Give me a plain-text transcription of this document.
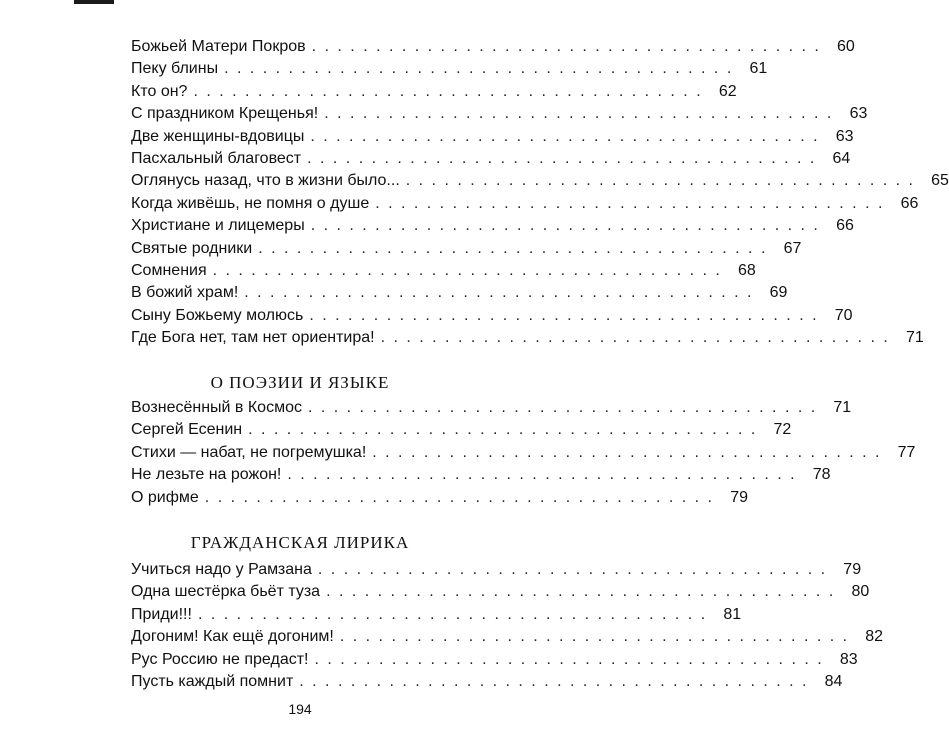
Божьей Матери Покров . . . . . . . . . . . . . . . . . . . . . . . . . . . . . . . . . . . . . . . .	60
Пеку блины . . . . . . . . . . . . . . . . . . . . . . . . . . . . . . . . . . . . . . . .	61
Кто он? . . . . . . . . . . . . . . . . . . . . . . . . . . . . . . . . . . . . . . . .	62
С праздником Крещенья! . . . . . . . . . . . . . . . . . . . . . . . . . . . . . . . . . . . . . . . .	63
Две женщины-вдовицы . . . . . . . . . . . . . . . . . . . . . . . . . . . . . . . . . . . . . . . .	63
Пасхальный благовест . . . . . . . . . . . . . . . . . . . . . . . . . . . . . . . . . . . . . . . .	64
Оглянусь назад, что в жизни было... . . . . . . . . . . . . . . . . . . . . . . . . . . . . . . . . . . . . . . . .	65
Когда живёшь, не помня о душе . . . . . . . . . . . . . . . . . . . . . . . . . . . . . . . . . . . . . . . .	66
Христиане и лицемеры . . . . . . . . . . . . . . . . . . . . . . . . . . . . . . . . . . . . . . . .	66
Святые родники . . . . . . . . . . . . . . . . . . . . . . . . . . . . . . . . . . . . . . . .	67
Сомнения . . . . . . . . . . . . . . . . . . . . . . . . . . . . . . . . . . . . . . . .	68
В божий храм! . . . . . . . . . . . . . . . . . . . . . . . . . . . . . . . . . . . . . . . .	69
Сыну Божьему молюсь . . . . . . . . . . . . . . . . . . . . . . . . . . . . . . . . . . . . . . . .	70
Где Бога нет, там нет ориентира! . . . . . . . . . . . . . . . . . . . . . . . . . . . . . . . . . . . . . . . .	71
О ПОЭЗИИ И ЯЗЫКЕ
Вознесённый в Космос . . . . . . . . . . . . . . . . . . . . . . . . . . . . . . . . . . . . . . . .	71
Сергей Есенин . . . . . . . . . . . . . . . . . . . . . . . . . . . . . . . . . . . . . . . .	72
Стихи — набат, не погремушка! . . . . . . . . . . . . . . . . . . . . . . . . . . . . . . . . . . . . . . . .	77
Не лезьте на рожон! . . . . . . . . . . . . . . . . . . . . . . . . . . . . . . . . . . . . . . . .	78
О рифме . . . . . . . . . . . . . . . . . . . . . . . . . . . . . . . . . . . . . . . .	79
ГРАЖДАНСКАЯ ЛИРИКА
Учиться надо у Рамзана . . . . . . . . . . . . . . . . . . . . . . . . . . . . . . . . . . . . . . . .	79
Одна шестёрка бьёт туза . . . . . . . . . . . . . . . . . . . . . . . . . . . . . . . . . . . . . . . .	80
Приди!!! . . . . . . . . . . . . . . . . . . . . . . . . . . . . . . . . . . . . . . . .	81
Догоним! Как ещё догоним! . . . . . . . . . . . . . . . . . . . . . . . . . . . . . . . . . . . . . . . .	82
Рус Россию не предаст! . . . . . . . . . . . . . . . . . . . . . . . . . . . . . . . . . . . . . . . .	83
Пусть каждый помнит . . . . . . . . . . . . . . . . . . . . . . . . . . . . . . . . . . . . . . . .	84
194
